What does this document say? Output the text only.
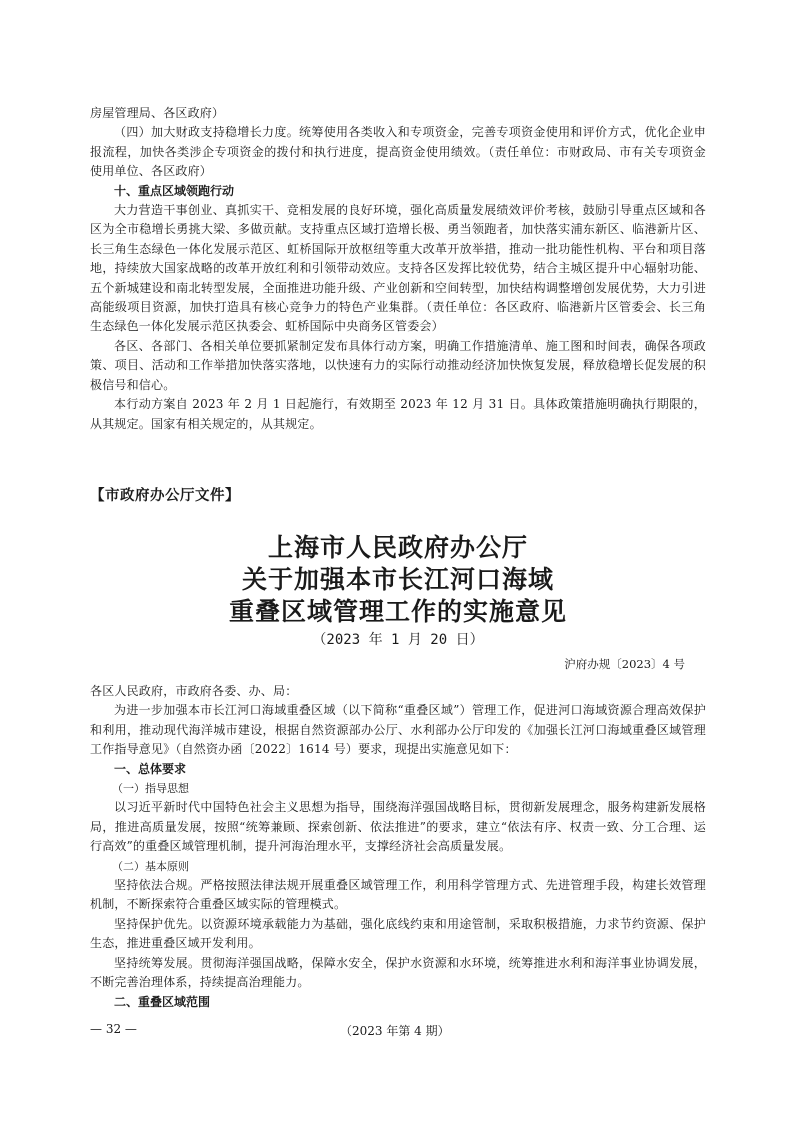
房屋管理局、各区政府）

（四）加大财政支持稳增长力度。统筹使用各类收入和专项资金，完善专项资金使用和评价方式，优化企业申报流程，加快各类涉企专项资金的拨付和执行进度，提高资金使用绩效。（责任单位：市财政局、市有关专项资金使用单位、各区政府）

十、重点区域领跑行动

大力营造干事创业、真抓实干、竞相发展的良好环境，强化高质量发展绩效评价考核，鼓励引导重点区域和各区为全市稳增长勇挑大梁、多做贡献。支持重点区域打造增长极、勇当领跑者，加快落实浦东新区、临港新片区、长三角生态绿色一体化发展示范区、虹桥国际开放枢纽等重大改革开放举措，推动一批功能性机构、平台和项目落地，持续放大国家战略的改革开放红利和引领带动效应。支持各区发挥比较优势，结合主城区提升中心辐射功能、五个新城建设和南北转型发展，全面推进功能升级、产业创新和空间转型，加快结构调整增创发展优势，大力引进高能级项目资源，加快打造具有核心竞争力的特色产业集群。（责任单位：各区政府、临港新片区管委会、长三角生态绿色一体化发展示范区执委会、虹桥国际中央商务区管委会）

各区、各部门、各相关单位要抓紧制定发布具体行动方案，明确工作措施清单、施工图和时间表，确保各项政策、项目、活动和工作举措加快落实落地，以快速有力的实际行动推动经济加快恢复发展，释放稳增长促发展的积极信号和信心。

本行动方案自 2023 年 2 月 1 日起施行，有效期至 2023 年 12 月 31 日。具体政策措施明确执行期限的，从其规定。国家有相关规定的，从其规定。

【市政府办公厅文件】
上海市人民政府办公厅
关于加强本市长江河口海域
重叠区域管理工作的实施意见
（2023 年 1 月 20 日）
沪府办规〔2023〕4 号

各区人民政府，市政府各委、办、局：

为进一步加强本市长江河口海域重叠区域（以下简称“重叠区域”）管理工作，促进河口海域资源合理高效保护和利用，推动现代海洋城市建设，根据自然资源部办公厅、水利部办公厅印发的《加强长江河口海域重叠区域管理工作指导意见》（自然资办函〔2022〕1614 号）要求，现提出实施意见如下：

一、总体要求

（一）指导思想

以习近平新时代中国特色社会主义思想为指导，围绕海洋强国战略目标，贯彻新发展理念，服务构建新发展格局，推进高质量发展，按照“统筹兼顾、探索创新、依法推进”的要求，建立“依法有序、权责一致、分工合理、运行高效”的重叠区域管理机制，提升河海治理水平，支撑经济社会高质量发展。

（二）基本原则

坚持依法合规。严格按照法律法规开展重叠区域管理工作，利用科学管理方式、先进管理手段，构建长效管理机制，不断探索符合重叠区域实际的管理模式。

坚持保护优先。以资源环境承载能力为基础，强化底线约束和用途管制，采取积极措施，力求节约资源、保护生态，推进重叠区域开发利用。

坚持统筹发展。贯彻海洋强国战略，保障水安全，保护水资源和水环境，统筹推进水利和海洋事业协调发展，不断完善治理体系，持续提高治理能力。

二、重叠区域范围

— 32 —	（2023 年第 4 期）
